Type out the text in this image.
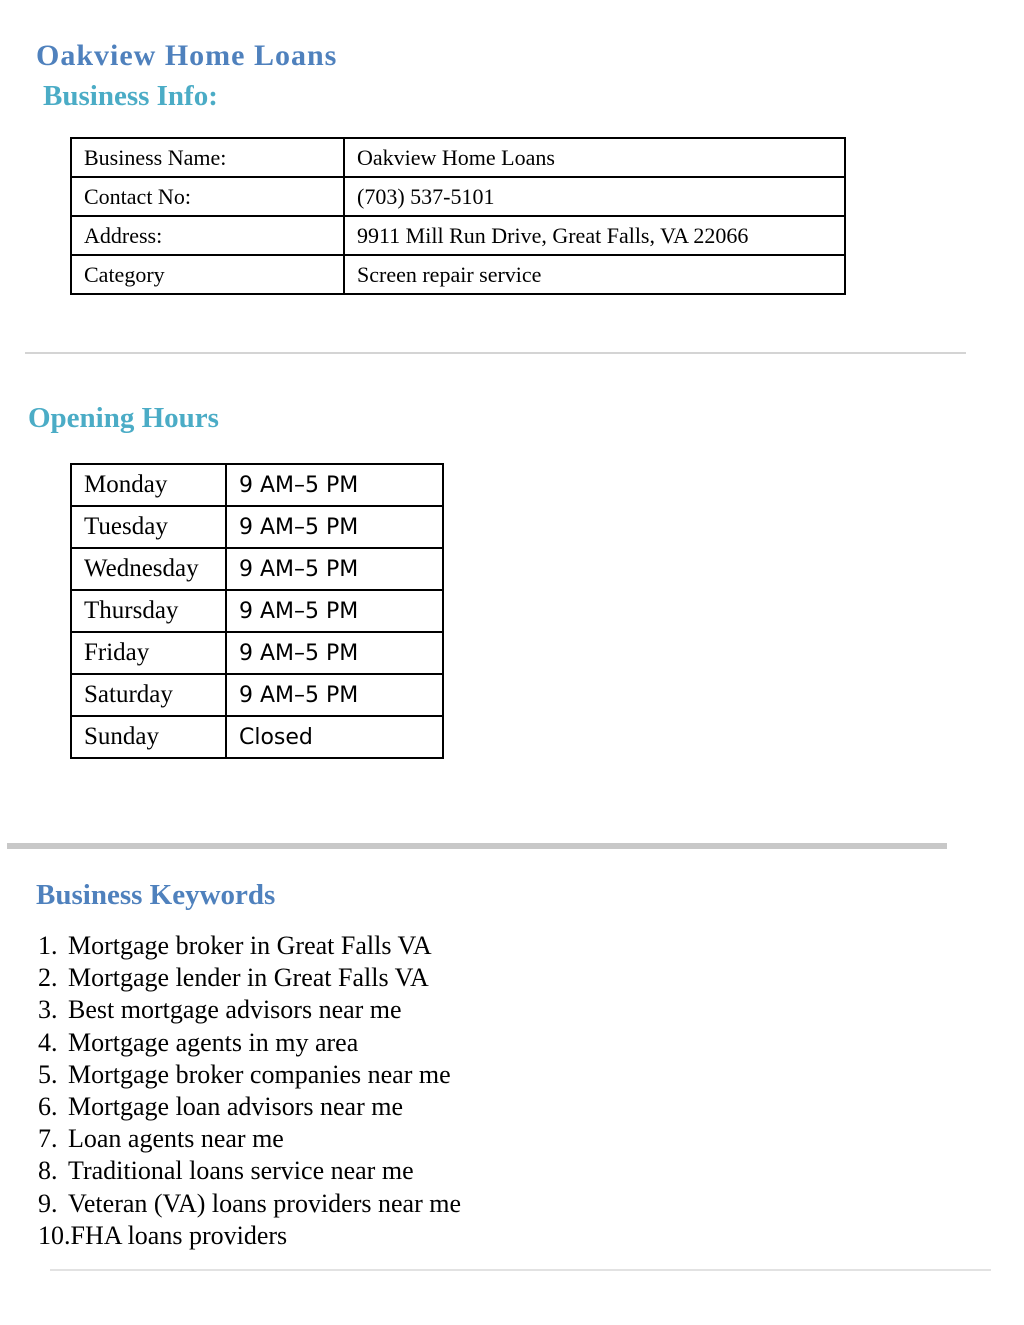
Oakview Home Loans
Business Info:
Business Name:	Oakview Home Loans
Contact No:	(703) 537-5101
Address:	9911 Mill Run Drive, Great Falls, VA 22066
Category	Screen repair service
Opening Hours
Monday	9 AM–5 PM
Tuesday	9 AM–5 PM
Wednesday	9 AM–5 PM
Thursday	9 AM–5 PM
Friday	9 AM–5 PM
Saturday	9 AM–5 PM
Sunday	Closed
Business Keywords
1. Mortgage broker in Great Falls VA
2. Mortgage lender in Great Falls VA
3. Best mortgage advisors near me
4. Mortgage agents in my area
5. Mortgage broker companies near me
6. Mortgage loan advisors near me
7. Loan agents near me
8. Traditional loans service near me
9. Veteran (VA) loans providers near me
10.FHA loans providers
